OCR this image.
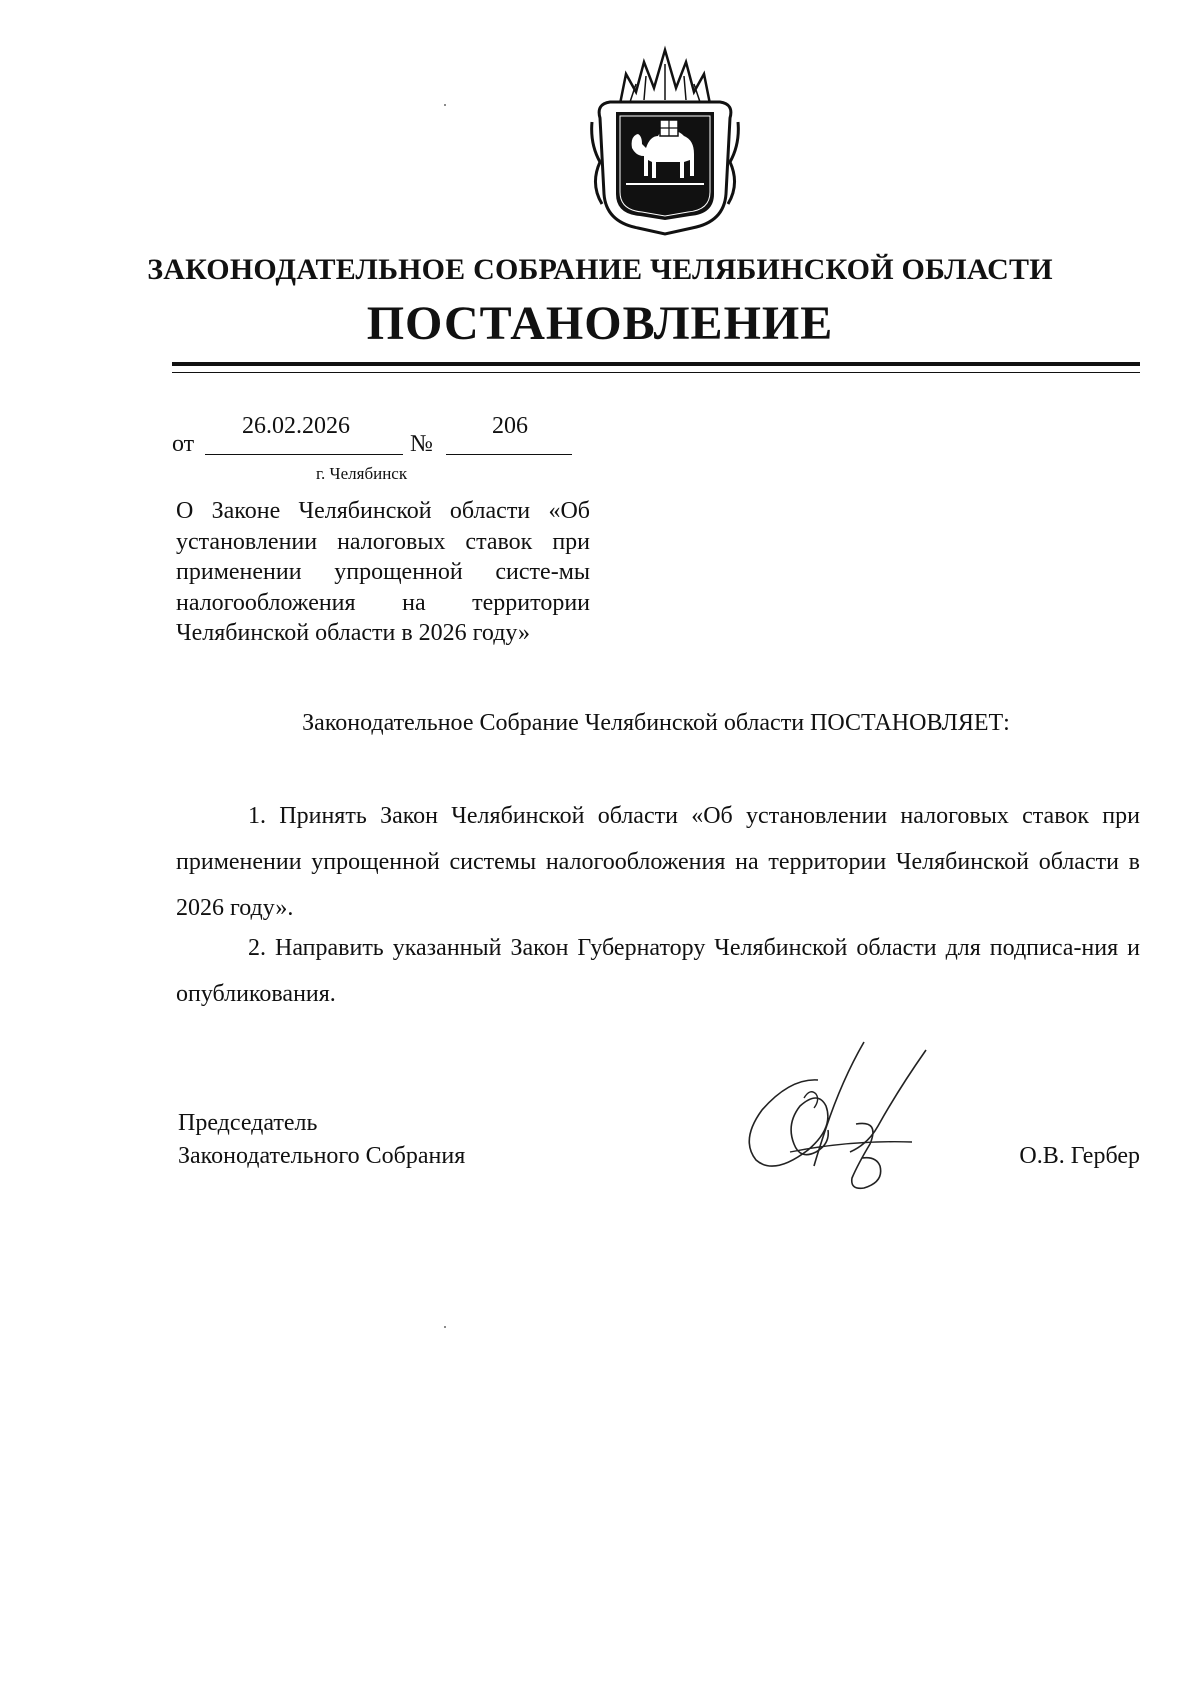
ЗАКОНОДАТЕЛЬНОЕ СОБРАНИЕ ЧЕЛЯБИНСКОЙ ОБЛАСТИ
ПОСТАНОВЛЕНИЕ
от
26.02.2026
№
206
г. Челябинск
О Законе Челябинской области «Об установлении налоговых ставок при применении упрощенной систе-мы налогообложения на территории Челябинской области в 2026 году»
Законодательное Собрание Челябинской области ПОСТАНОВЛЯЕТ:
1. Принять Закон Челябинской области «Об установлении налоговых ставок при применении упрощенной системы налогообложения на территории Челябинской области в 2026 году».
2. Направить указанный Закон Губернатору Челябинской области для подписа-ния и опубликования.
Председатель
Законодательного Собрания	О.В. Гербер
